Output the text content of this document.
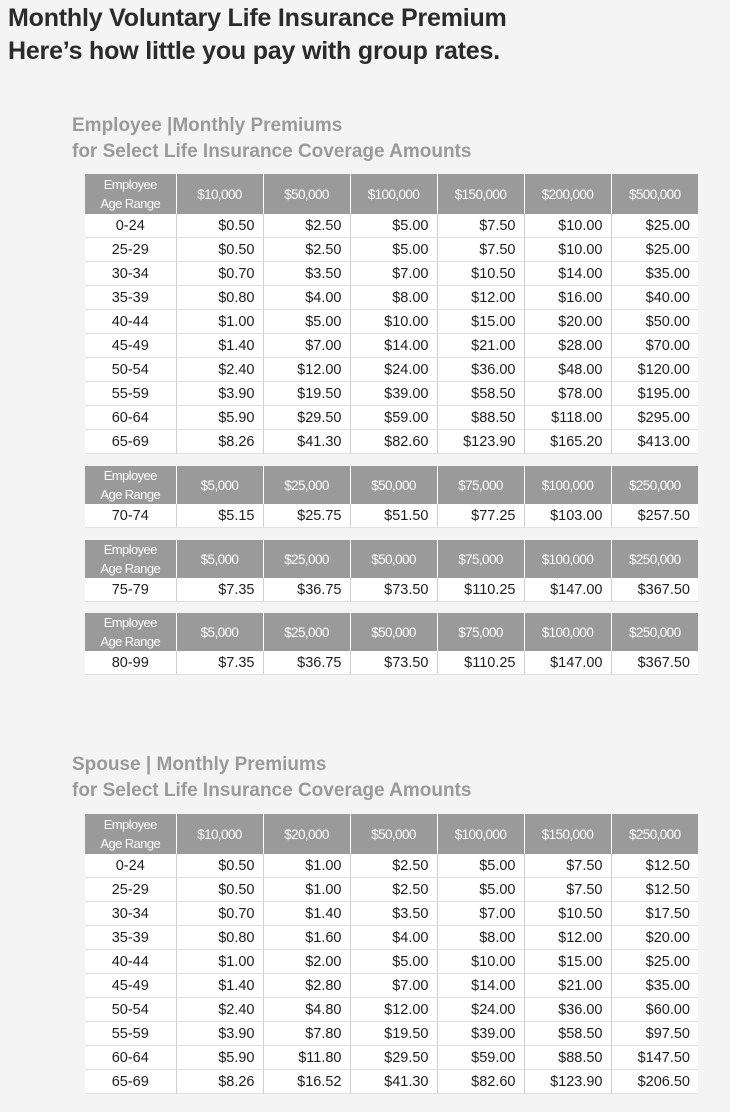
Monthly Voluntary Life Insurance Premium
Here’s how little you pay with group rates.
Employee |Monthly Premiums
for Select Life Insurance Coverage Amounts
Employee
Age Range	$10,000	$50,000	$100,000	$150,000	$200,000	$500,000
0-24	$0.50	$2.50	$5.00	$7.50	$10.00	$25.00
25-29	$0.50	$2.50	$5.00	$7.50	$10.00	$25.00
30-34	$0.70	$3.50	$7.00	$10.50	$14.00	$35.00
35-39	$0.80	$4.00	$8.00	$12.00	$16.00	$40.00
40-44	$1.00	$5.00	$10.00	$15.00	$20.00	$50.00
45-49	$1.40	$7.00	$14.00	$21.00	$28.00	$70.00
50-54	$2.40	$12.00	$24.00	$36.00	$48.00	$120.00
55-59	$3.90	$19.50	$39.00	$58.50	$78.00	$195.00
60-64	$5.90	$29.50	$59.00	$88.50	$118.00	$295.00
65-69	$8.26	$41.30	$82.60	$123.90	$165.20	$413.00
Employee
Age Range	$5,000	$25,000	$50,000	$75,000	$100,000	$250,000
70-74	$5.15	$25.75	$51.50	$77.25	$103.00	$257.50
Employee
Age Range	$5,000	$25,000	$50,000	$75,000	$100,000	$250,000
75-79	$7.35	$36.75	$73.50	$110.25	$147.00	$367.50
Employee
Age Range	$5,000	$25,000	$50,000	$75,000	$100,000	$250,000
80-99	$7.35	$36.75	$73.50	$110.25	$147.00	$367.50
Spouse | Monthly Premiums
for Select Life Insurance Coverage Amounts
Employee
Age Range	$10,000	$20,000	$50,000	$100,000	$150,000	$250,000
0-24	$0.50	$1.00	$2.50	$5.00	$7.50	$12.50
25-29	$0.50	$1.00	$2.50	$5.00	$7.50	$12.50
30-34	$0.70	$1.40	$3.50	$7.00	$10.50	$17.50
35-39	$0.80	$1.60	$4.00	$8.00	$12.00	$20.00
40-44	$1.00	$2.00	$5.00	$10.00	$15.00	$25.00
45-49	$1.40	$2.80	$7.00	$14.00	$21.00	$35.00
50-54	$2.40	$4.80	$12.00	$24.00	$36.00	$60.00
55-59	$3.90	$7.80	$19.50	$39.00	$58.50	$97.50
60-64	$5.90	$11.80	$29.50	$59.00	$88.50	$147.50
65-69	$8.26	$16.52	$41.30	$82.60	$123.90	$206.50
